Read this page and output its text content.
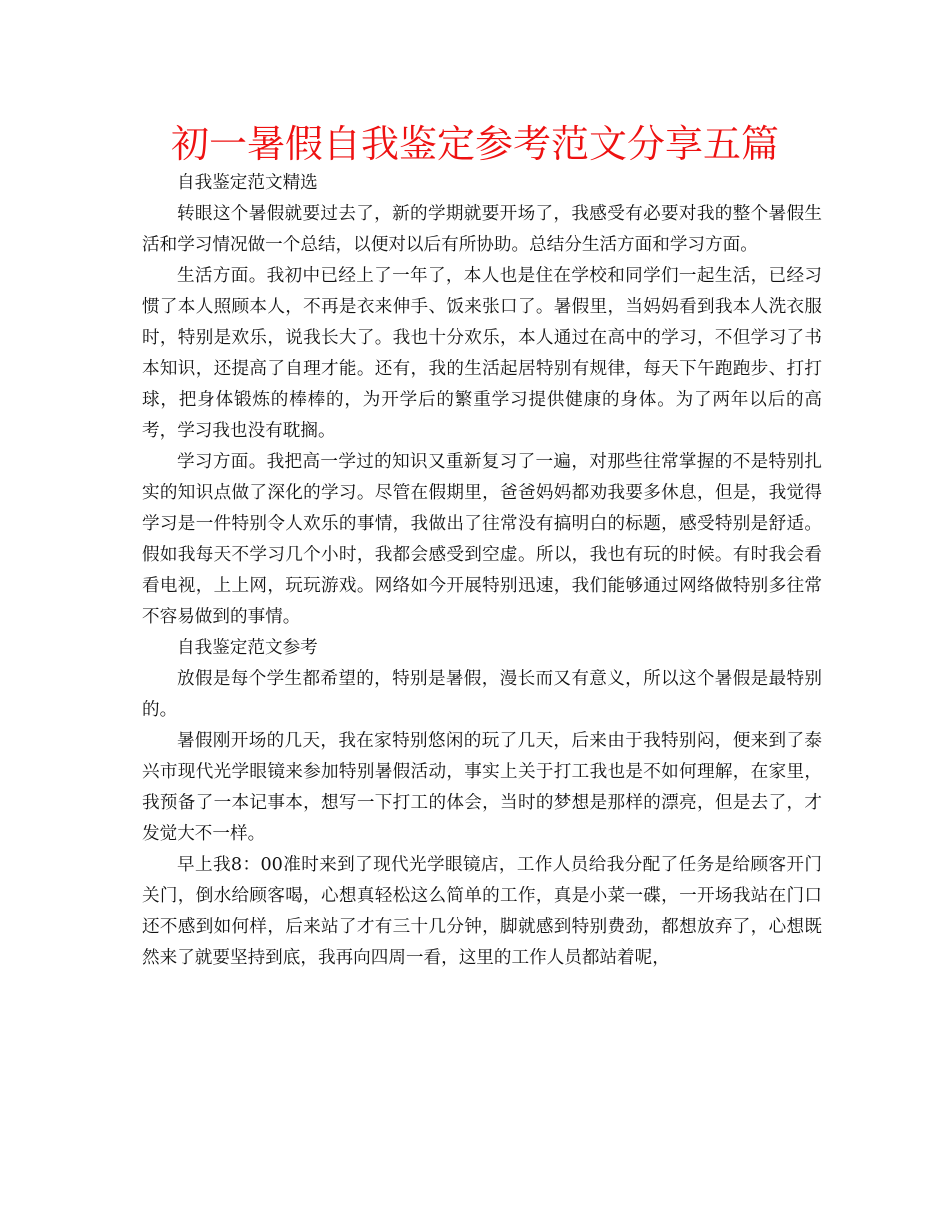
初一暑假自我鉴定参考范文分享五篇

自我鉴定范文精选

转眼这个暑假就要过去了，新的学期就要开场了，我感受有必要对我的整个暑假生活和学习情况做一个总结，以便对以后有所协助。总结分生活方面和学习方面。

生活方面。我初中已经上了一年了，本人也是住在学校和同学们一起生活，已经习惯了本人照顾本人，不再是衣来伸手、饭来张口了。暑假里，当妈妈看到我本人洗衣服时，特别是欢乐，说我长大了。我也十分欢乐，本人通过在高中的学习，不但学习了书本知识，还提高了自理才能。还有，我的生活起居特别有规律，每天下午跑跑步、打打球，把身体锻炼的棒棒的，为开学后的繁重学习提供健康的身体。为了两年以后的高考，学习我也没有耽搁。

学习方面。我把高一学过的知识又重新复习了一遍，对那些往常掌握的不是特别扎实的知识点做了深化的学习。尽管在假期里，爸爸妈妈都劝我要多休息，但是，我觉得学习是一件特别令人欢乐的事情，我做出了往常没有搞明白的标题，感受特别是舒适。假如我每天不学习几个小时，我都会感受到空虚。所以，我也有玩的时候。有时我会看看电视，上上网，玩玩游戏。网络如今开展特别迅速，我们能够通过网络做特别多往常不容易做到的事情。

自我鉴定范文参考

放假是每个学生都希望的，特别是暑假，漫长而又有意义，所以这个暑假是最特别的。

暑假刚开场的几天，我在家特别悠闲的玩了几天，后来由于我特别闷，便来到了泰兴市现代光学眼镜来参加特别暑假活动，事实上关于打工我也是不如何理解，在家里，我预备了一本记事本，想写一下打工的体会，当时的梦想是那样的漂亮，但是去了，才发觉大不一样。

早上我8：00准时来到了现代光学眼镜店，工作人员给我分配了任务是给顾客开门关门，倒水给顾客喝，心想真轻松这么简单的工作，真是小菜一碟，一开场我站在门口还不感到如何样，后来站了才有三十几分钟，脚就感到特别费劲，都想放弃了，心想既然来了就要坚持到底，我再向四周一看，这里的工作人员都站着呢，
